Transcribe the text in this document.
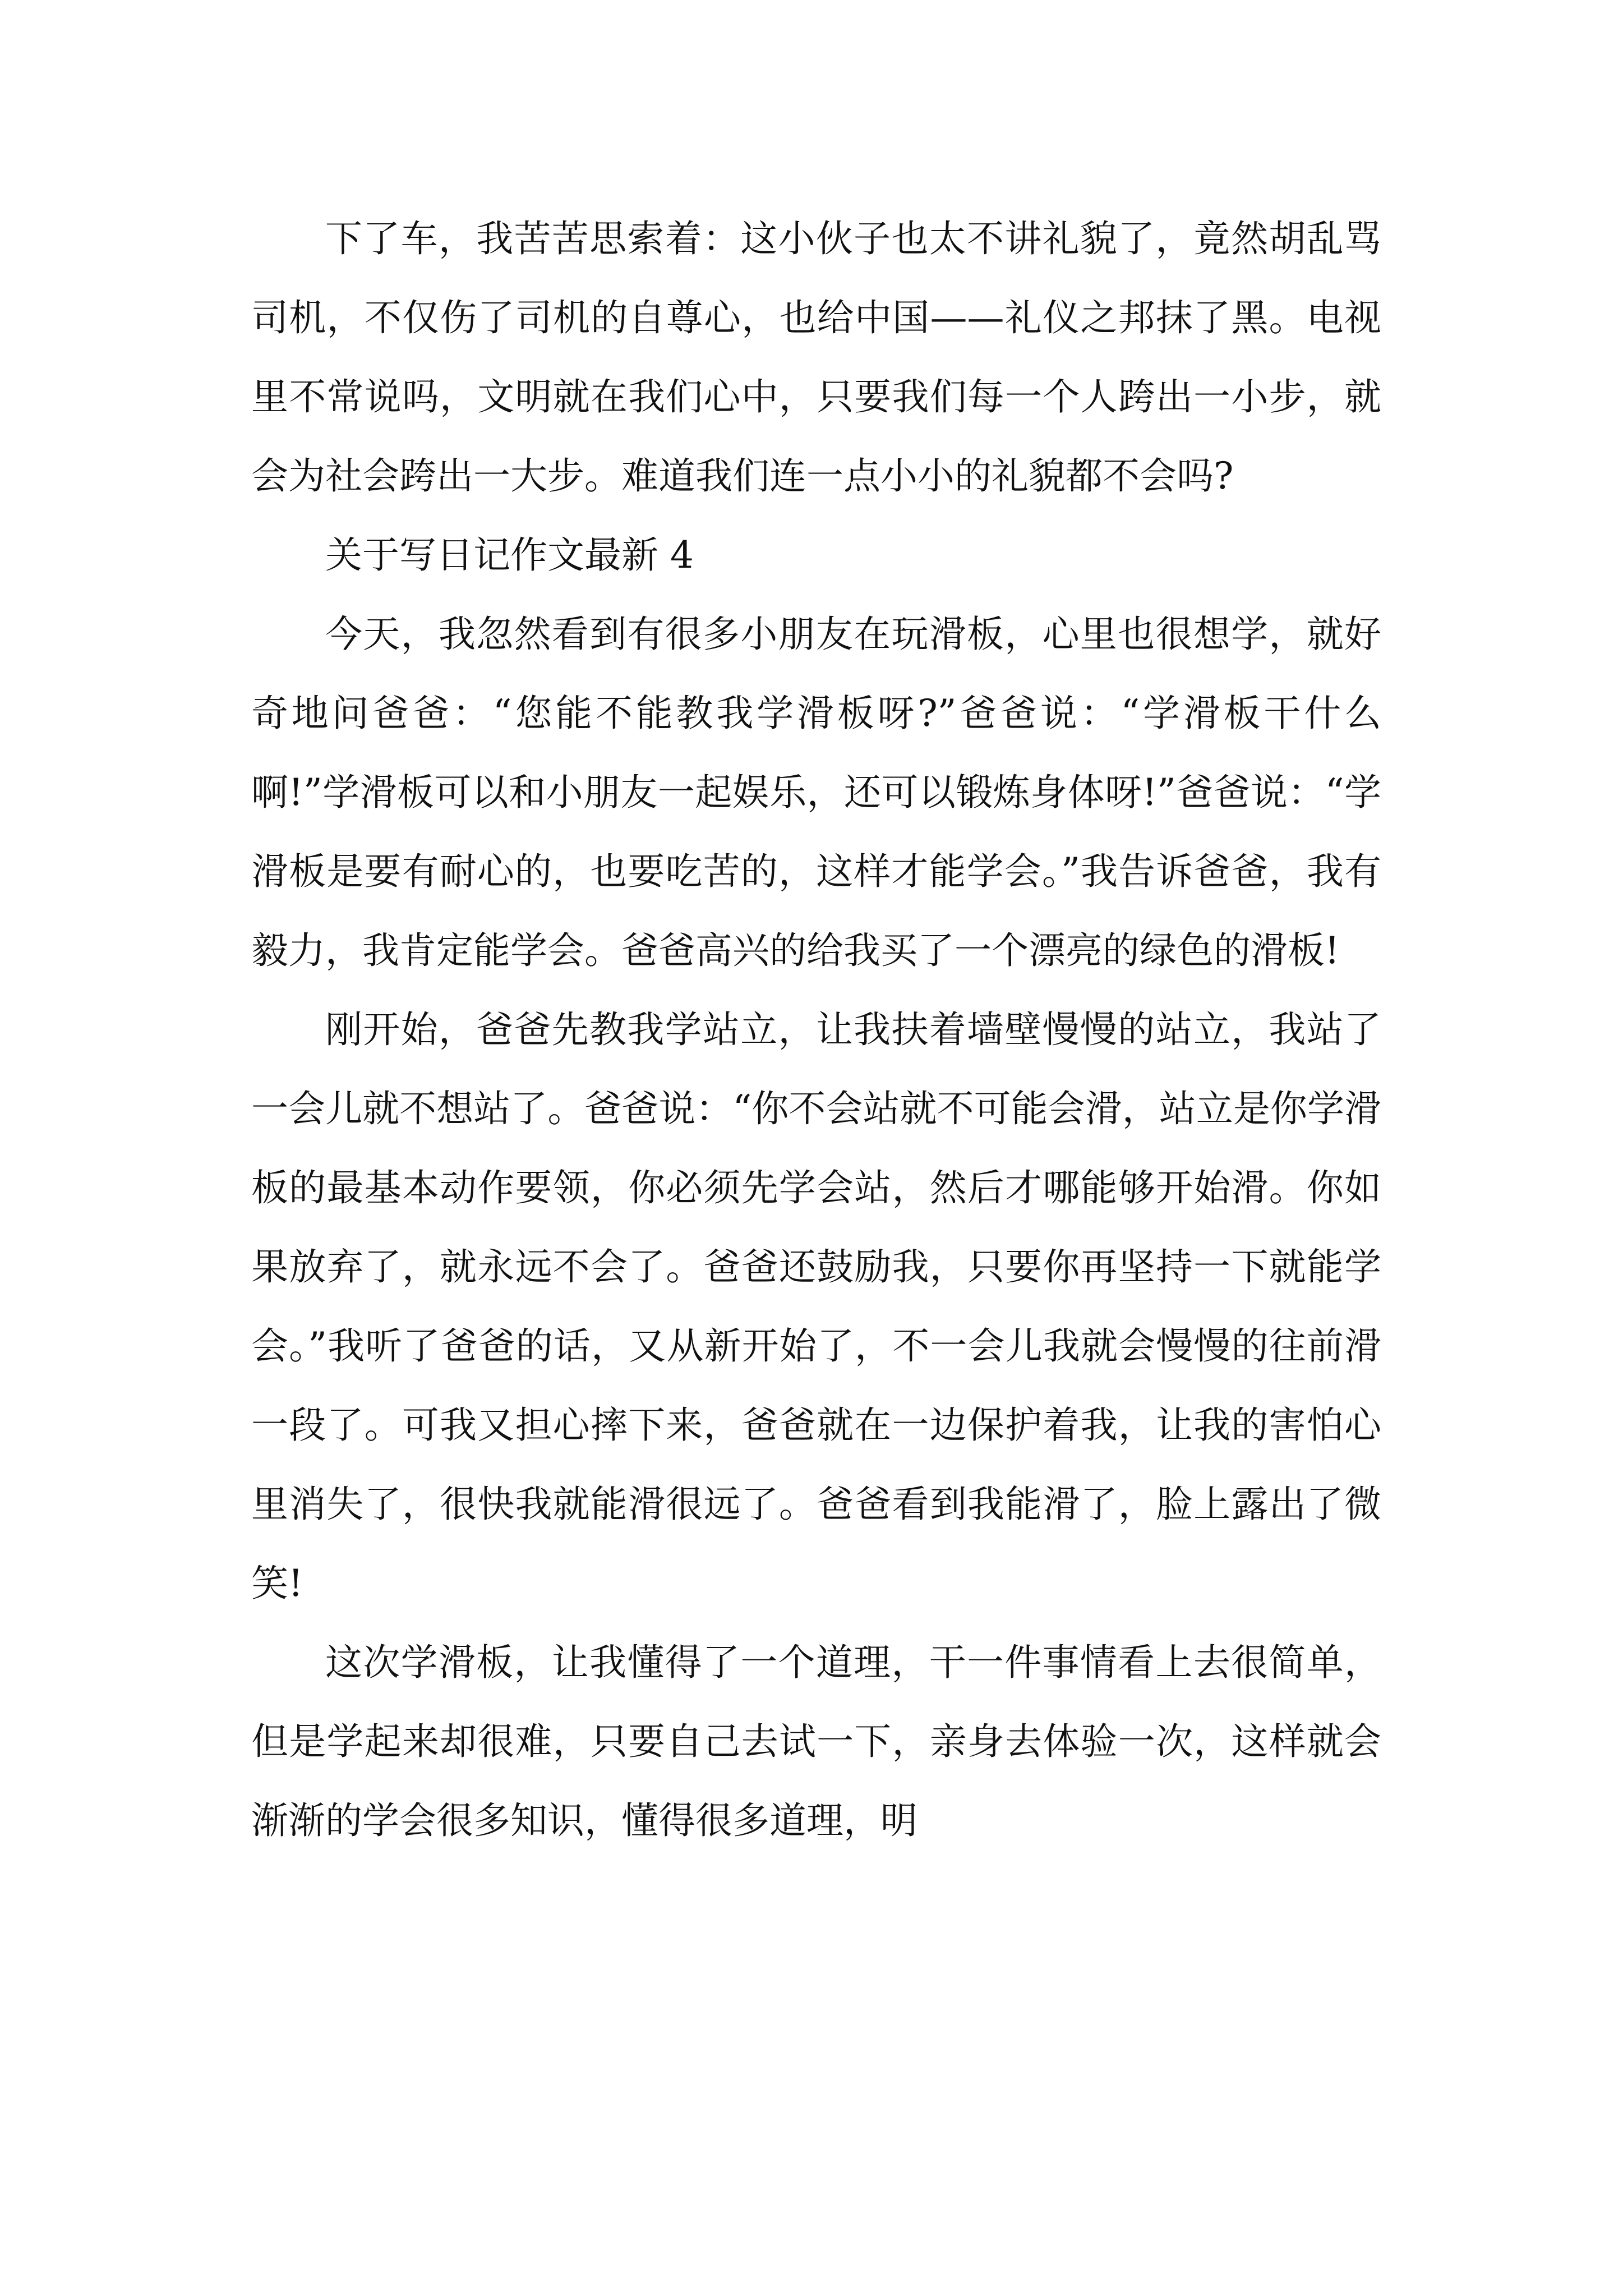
下了车，我苦苦思索着：这小伙子也太不讲礼貌了，竟然胡乱骂司机，不仅伤了司机的自尊心，也给中国——礼仪之邦抹了黑。电视里不常说吗，文明就在我们心中，只要我们每一个人跨出一小步，就会为社会跨出一大步。难道我们连一点小小的礼貌都不会吗?

关于写日记作文最新 4

今天，我忽然看到有很多小朋友在玩滑板，心里也很想学，就好奇地问爸爸：“您能不能教我学滑板呀?”爸爸说：“学滑板干什么啊!”学滑板可以和小朋友一起娱乐，还可以锻炼身体呀!”爸爸说：“学滑板是要有耐心的，也要吃苦的，这样才能学会。”我告诉爸爸，我有毅力，我肯定能学会。爸爸高兴的给我买了一个漂亮的绿色的滑板!

刚开始，爸爸先教我学站立，让我扶着墙壁慢慢的站立，我站了一会儿就不想站了。爸爸说：“你不会站就不可能会滑，站立是你学滑板的最基本动作要领，你必须先学会站，然后才哪能够开始滑。你如果放弃了，就永远不会了。爸爸还鼓励我，只要你再坚持一下就能学会。”我听了爸爸的话，又从新开始了，不一会儿我就会慢慢的往前滑一段了。可我又担心摔下来，爸爸就在一边保护着我，让我的害怕心里消失了，很快我就能滑很远了。爸爸看到我能滑了，脸上露出了微笑!

这次学滑板，让我懂得了一个道理，干一件事情看上去很简单，但是学起来却很难，只要自己去试一下，亲身去体验一次，这样就会渐渐的学会很多知识，懂得很多道理，明
